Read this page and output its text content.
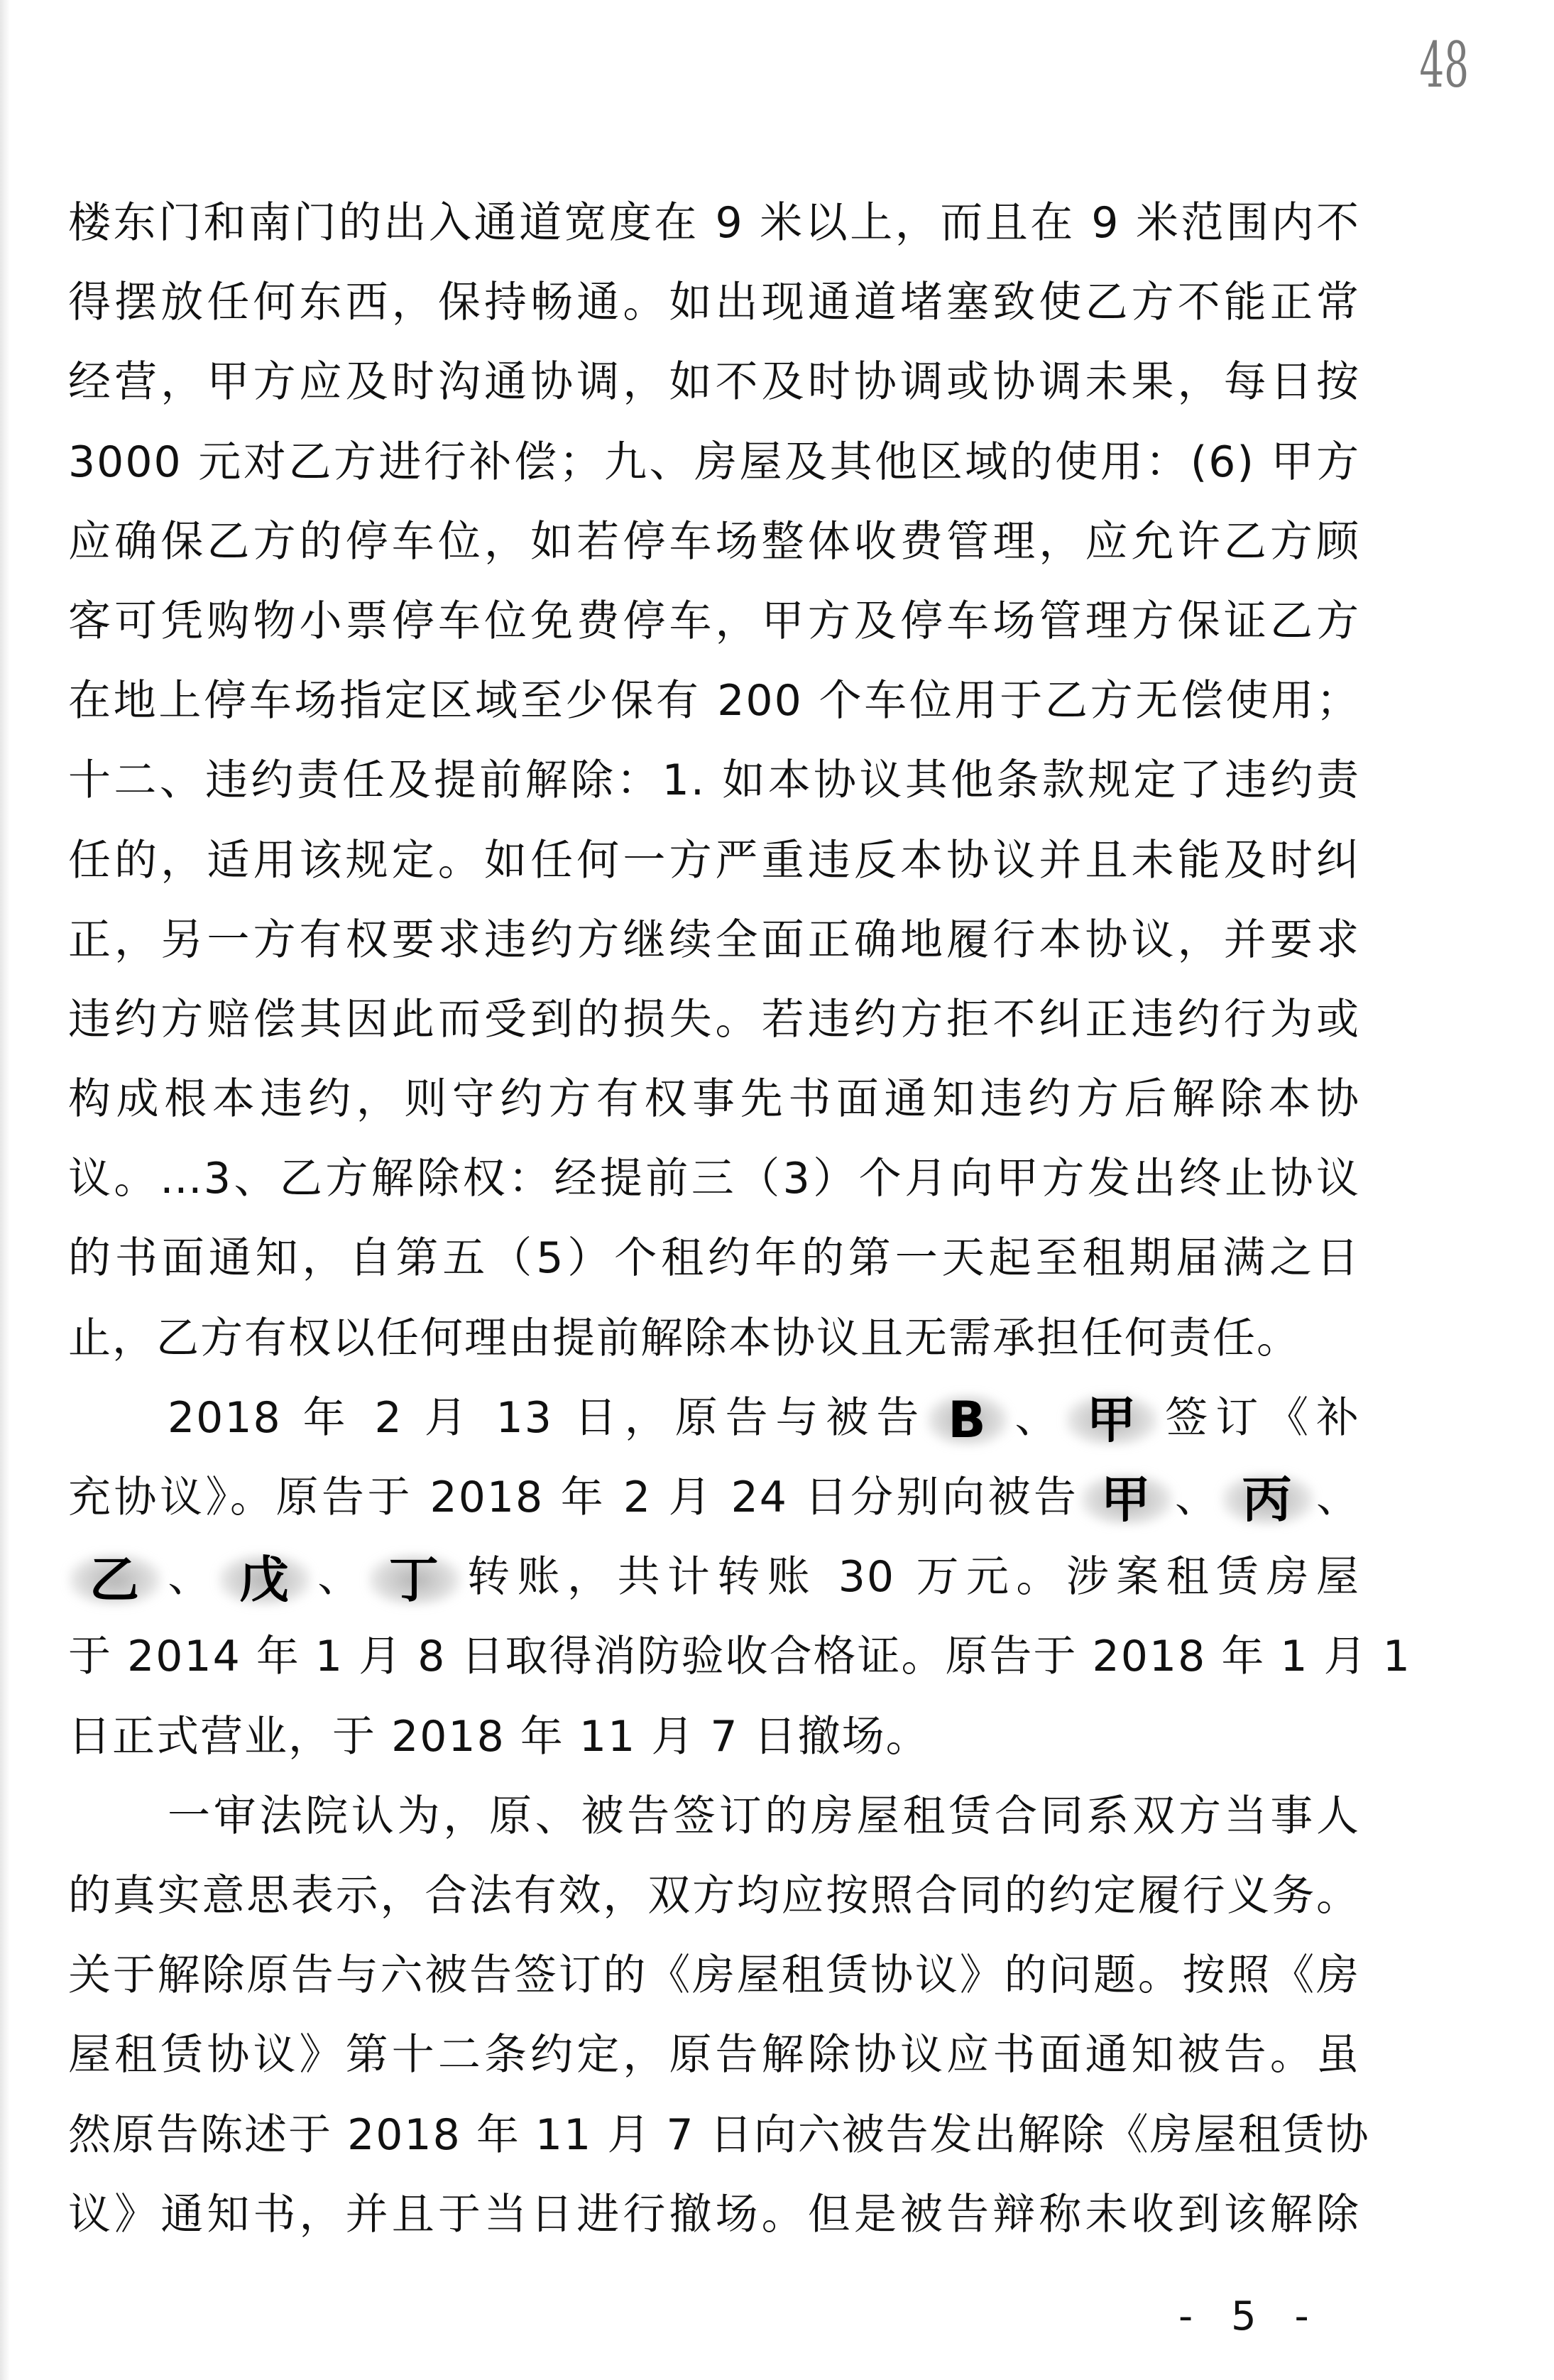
48
楼东门和南门的出入通道宽度在 9 米以上，而且在 9 米范围内不
得摆放任何东西，保持畅通。如出现通道堵塞致使乙方不能正常
经营，甲方应及时沟通协调，如不及时协调或协调未果，每日按
3000 元对乙方进行补偿；九、房屋及其他区域的使用：(6) 甲方
应确保乙方的停车位，如若停车场整体收费管理，应允许乙方顾
客可凭购物小票停车位免费停车，甲方及停车场管理方保证乙方
在地上停车场指定区域至少保有 200 个车位用于乙方无偿使用；
十二、违约责任及提前解除：1. 如本协议其他条款规定了违约责
任的，适用该规定。如任何一方严重违反本协议并且未能及时纠
正，另一方有权要求违约方继续全面正确地履行本协议，并要求
违约方赔偿其因此而受到的损失。若违约方拒不纠正违约行为或
构成根本违约，则守约方有权事先书面通知违约方后解除本协
议。…3、乙方解除权：经提前三（3）个月向甲方发出终止协议
的书面通知，自第五（5）个租约年的第一天起至租期届满之日
止，乙方有权以任何理由提前解除本协议且无需承担任何责任。
2018 年 2 月 13 日，原告与被告 B 、 甲 签订《补
充协议》。原告于 2018 年 2 月 24 日分别向被告 甲 、 丙 、
乙 、 戊 、 丁 转账，共计转账 30 万元。涉案租赁房屋
于 2014 年 1 月 8 日取得消防验收合格证。原告于 2018 年 1 月 1
日正式营业，于 2018 年 11 月 7 日撤场。
一审法院认为，原、被告签订的房屋租赁合同系双方当事人
的真实意思表示，合法有效，双方均应按照合同的约定履行义务。
关于解除原告与六被告签订的《房屋租赁协议》的问题。按照《房
屋租赁协议》第十二条约定，原告解除协议应书面通知被告。虽
然原告陈述于 2018 年 11 月 7 日向六被告发出解除《房屋租赁协
议》通知书，并且于当日进行撤场。但是被告辩称未收到该解除
- 5 -
